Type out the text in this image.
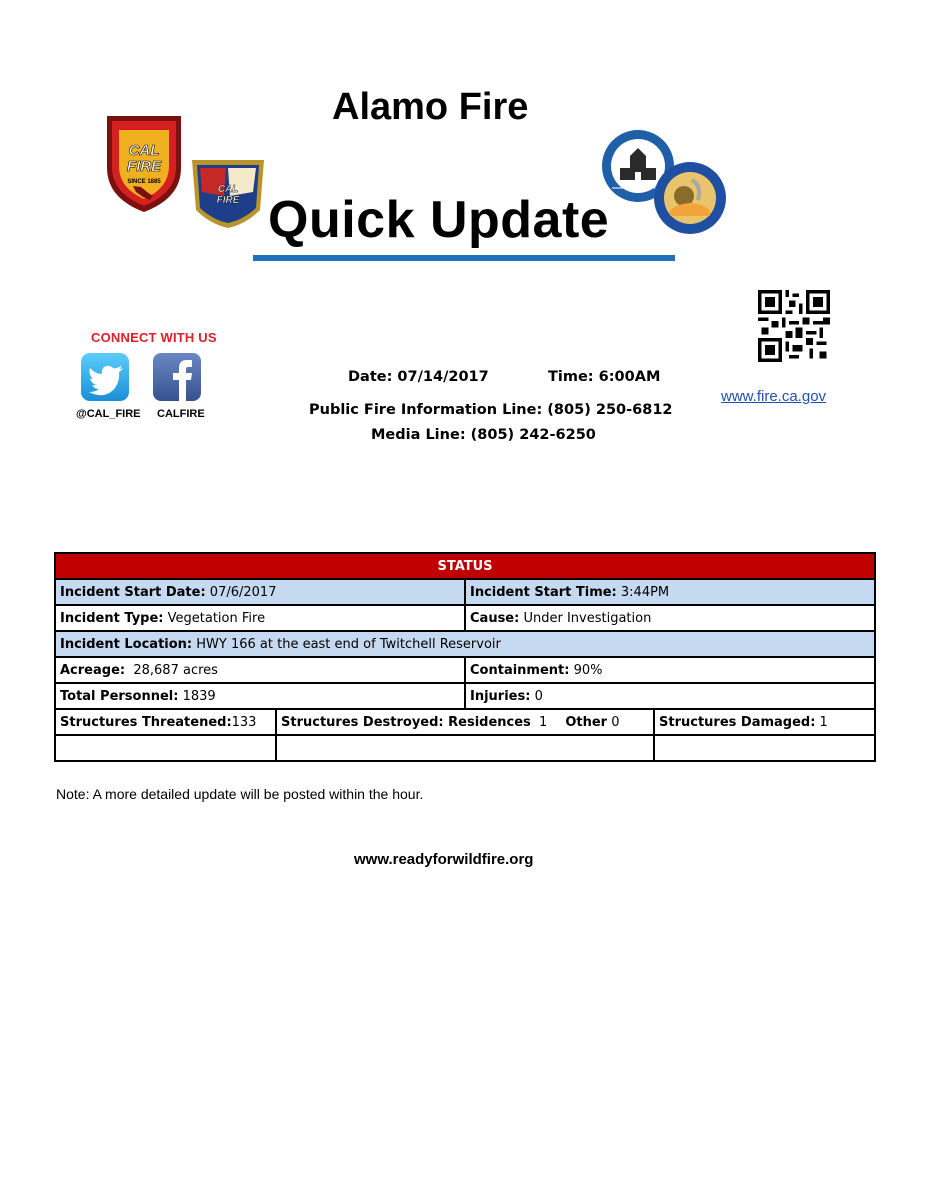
Alamo Fire
Quick Update
CAL
FIRE
SINCE 1885
CAL
FIRE
CONNECT WITH US
@CAL_FIRE CALFIRE
Date: 07/14/2017	Time: 6:00AM
Public Fire Information Line: (805) 250-6812
Media Line: (805) 242-6250
www.fire.ca.gov
STATUS			
Incident Start Date: 07/6/2017		Incident Start Time: 3:44PM	
Incident Type: Vegetation Fire		Cause: Under Investigation	
Incident Location: HWY 166 at the east end of Twitchell Reservoir			
Acreage:  28,687 acres		Containment: 90%	
Total Personnel: 1839		Injuries: 0	
Structures Threatened:133	Structures Destroyed: Residences  1 Other 0		Structures Damaged: 1

Note: A more detailed update will be posted within the hour.
www.readyforwildfire.org
